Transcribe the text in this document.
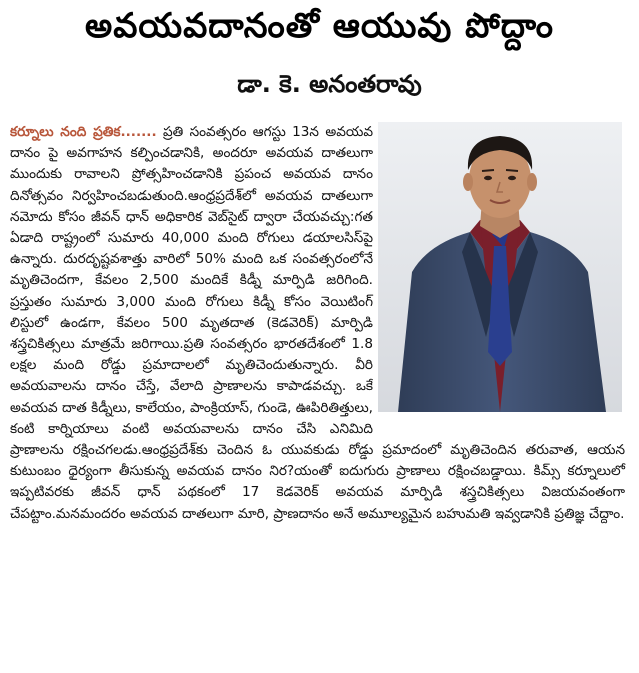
అవయవదానంతో ఆయువు పోద్దాం
డా. కె. అనంతరావు
కర్నూలు నంది ప్రతిక....... ప్రతి సంవత్సరం ఆగస్టు 13న అవయవ దానం పై అవగాహన కల్పించడానికి, అందరూ అవయవ దాతలుగా ముందుకు రావాలని ప్రోత్సహించడానికి ప్రపంచ అవయవ దానం దినోత్సవం నిర్వహించబడుతుంది.ఆంధ్రప్రదేశ్‌లో అవయవ దాతలుగా నమోదు కోసం జీవన్ ధాన్ అధికారిక వెబ్‌సైట్ ద్వారా చేయవచ్చు:గత ఏడాది రాష్ట్రంలో సుమారు 40,000 మంది రోగులు డయాలసిస్‌పై ఉన్నారు. దురదృష్టవశాత్తు వారిలో 50% మంది ఒక సంవత్సరంలోనే మృతిచెందగా, కేవలం 2,500 మందికే కిడ్నీ మార్పిడి జరిగింది. ప్రస్తుతం సుమారు 3,000 మంది రోగులు కిడ్నీ కోసం వెయిటింగ్ లిస్టులో ఉండగా, కేవలం 500 మృతదాత (కెడవెరిక్) మార్పిడి శస్త్రచికిత్సలు మాత్రమే జరిగాయి.ప్రతి సంవత్సరం భారతదేశంలో 1.8 లక్షల మంది రోడ్డు ప్రమాదాలలో మృతిచెందుతున్నారు. వీరి అవయవాలను దానం చేస్తే, వేలాది ప్రాణాలను కాపాడవచ్చు. ఒకే అవయవ దాత కిడ్నీలు, కాలేయం, పాంక్రియాస్, గుండె, ఊపిరితిత్తులు, కంటి కార్నియాలు వంటి అవయవాలను దానం చేసి ఎనిమిది ప్రాణాలను రక్షించగలడు.ఆంధ్రప్రదేశ్‌కు చెందిన ఓ యువకుడు రోడ్డు ప్రమాదంలో మృతిచెందిన తరువాత, ఆయన కుటుంబం ధైర్యంగా తీసుకున్న అవయవ దానం నిర?యంతో ఐదుగురు ప్రాణాలు రక్షించబడ్డాయి. కిమ్స్ కర్నూలులో ఇప్పటివరకు జీవన్ ధాన్ పథకంలో 17 కెడవెరిక్ అవయవ మార్పిడి శస్త్రచికిత్సలు విజయవంతంగా చేపట్టాం.మనమందరం అవయవ దాతలుగా మారి, ప్రాణదానం అనే అమూల్యమైన బహుమతి ఇవ్వడానికి ప్రతిజ్ఞ చేద్దాం.
